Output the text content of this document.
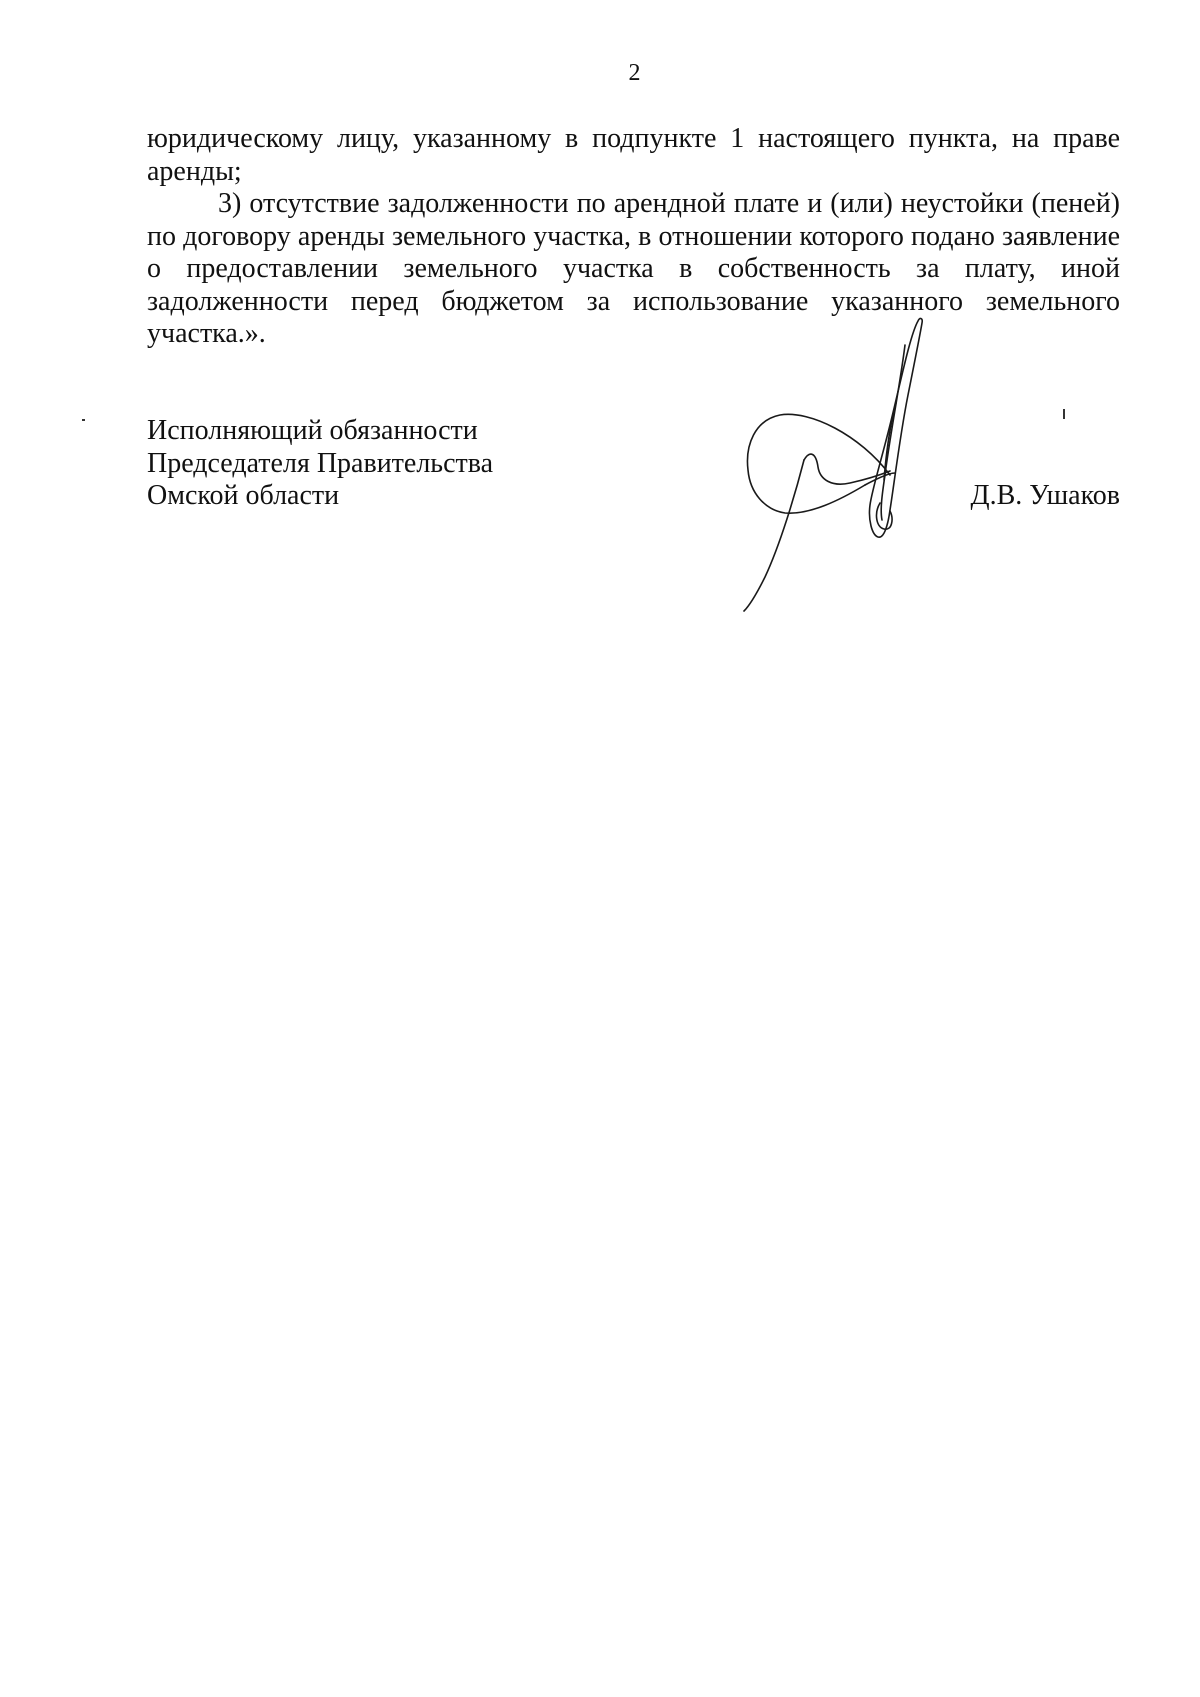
2

юридическому лицу, указанному в подпункте 1 настоящего пункта, на праве аренды;

3) отсутствие задолженности по арендной плате и (или) неустойки (пеней) по договору аренды земельного участка, в отношении которого подано заявление о предоставлении земельного участка в собственность за плату, иной задолженности перед бюджетом за использование указанного земельного участка.».

Исполняющий обязанности
Председателя Правительства
Омской области	Д.В. Ушаков
